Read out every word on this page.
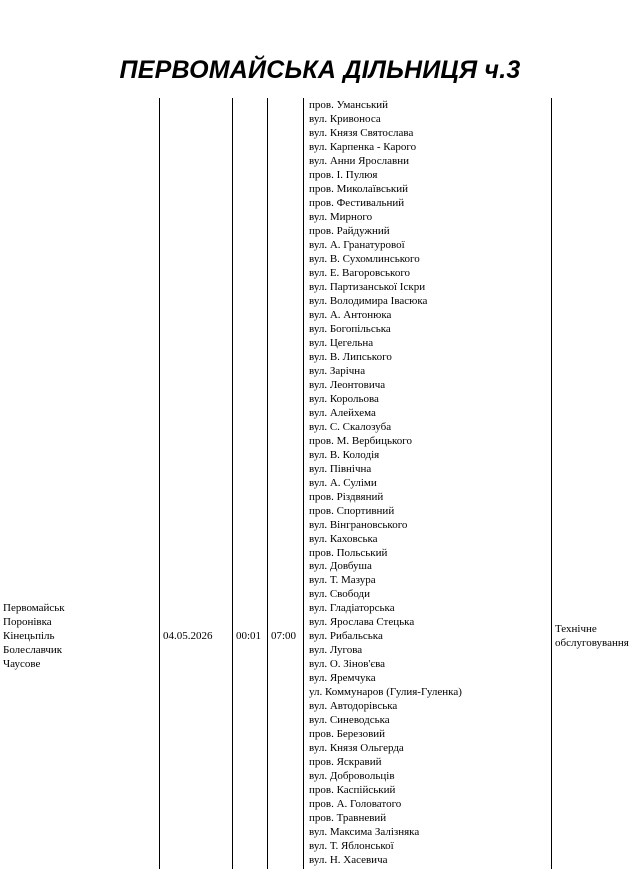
ПЕРВОМАЙСЬКА ДІЛЬНИЦЯ ч.3
Первомайськ
Поронівка
Кінецьпіль
Болеславчик
Чаусове
04.05.2026 00:01 07:00
Технічне
обслуговування
пров. Уманський
вул. Кривоноса
вул. Князя Святослава
вул. Карпенка - Карого
вул. Анни Ярославни
пров. І. Пулюя
пров. Миколаївський
пров. Фестивальний
вул. Мирного
пров. Райдужний
вул. А. Гранатурової
вул. В. Сухомлинського
вул. Е. Вагоровського
вул. Партизанської Іскри
вул. Володимира Івасюка
вул. А. Антонюка
вул. Богопільська
вул. Цегельна
вул. В. Липського
вул. Зарічна
вул. Леонтовича
вул. Корольова
вул. Алейхема
вул. С. Скалозуба
пров. М. Вербицького
вул. В. Колодія
вул. Північна
вул. А. Суліми
пров. Різдвяний
пров. Спортивний
вул. Вінграновського
вул. Каховська
пров. Польський
вул. Довбуша
вул. Т. Мазура
вул. Свободи
вул. Гладіаторська
вул. Ярослава Стецька
вул. Рибальська
вул. Лугова
вул. О. Зінов'єва
вул. Яремчука
ул. Коммунаров (Гулия-Гуленка)
вул. Автодорівська
вул. Синеводська
пров. Березовий
вул. Князя Ольгерда
пров. Яскравий
вул. Добровольців
пров. Каспійський
пров. А. Головатого
пров. Травневий
вул. Максима Залізняка
вул. Т. Яблонської
вул. Н. Хасевича
